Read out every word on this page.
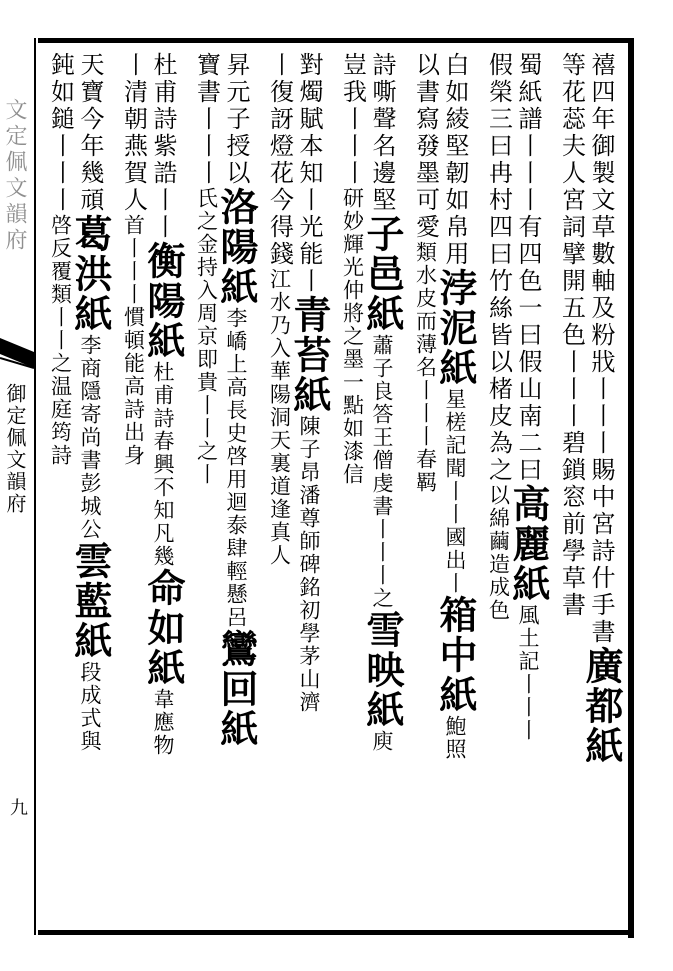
文定佩文韻府
御定佩文韻府
九
禧四年御製文草數軸及粉戕丨丨丨賜中宮詩什手書廣都紙
等花蕊夫人宮詞擘開五色丨丨丨碧鎖窓前學草書
蜀紙譜丨丨丨有四色一曰假山南二曰高麗紙風土記丨丨丨
假榮三曰冉村四曰竹絲皆以楮皮為之以綿繭造成色
白如綾堅韌如帛用浡泥紙星槎記聞丨丨國出丨箱中紙鮑照
以書寫發墨可愛類水皮而薄名丨丨丨春羁
詩嘶聲名邊堅子邑紙蕭子良答王僧虔書丨丨丨之雪映紙庾
豈我丨丨丨研妙輝光仲將之墨一點如漆信
對燭賦本知丨光能丨青苔紙陳子昂潘尊師碑銘初學茅山濟
丨復訝燈花今得錢江水乃入華陽洞天裏道逢真人
昇元子授以洛陽紙李嶠上高長史啓用迴泰肆輕懸呂鸞回紙
寶書丨丨丨氏之金持入周京即貴丨丨之丨
杜甫詩紫誥丨丨衡陽紙杜甫詩春興不知凡幾命如紙韋應物
丨清朝燕賀人首丨丨丨慣頓能高詩出身
天寶今年幾頑葛洪紙李商隱寄尚書彭城公雲藍紙段成式與
鈍如鎚丨丨丨啓反覆類丨丨之温庭筠詩
